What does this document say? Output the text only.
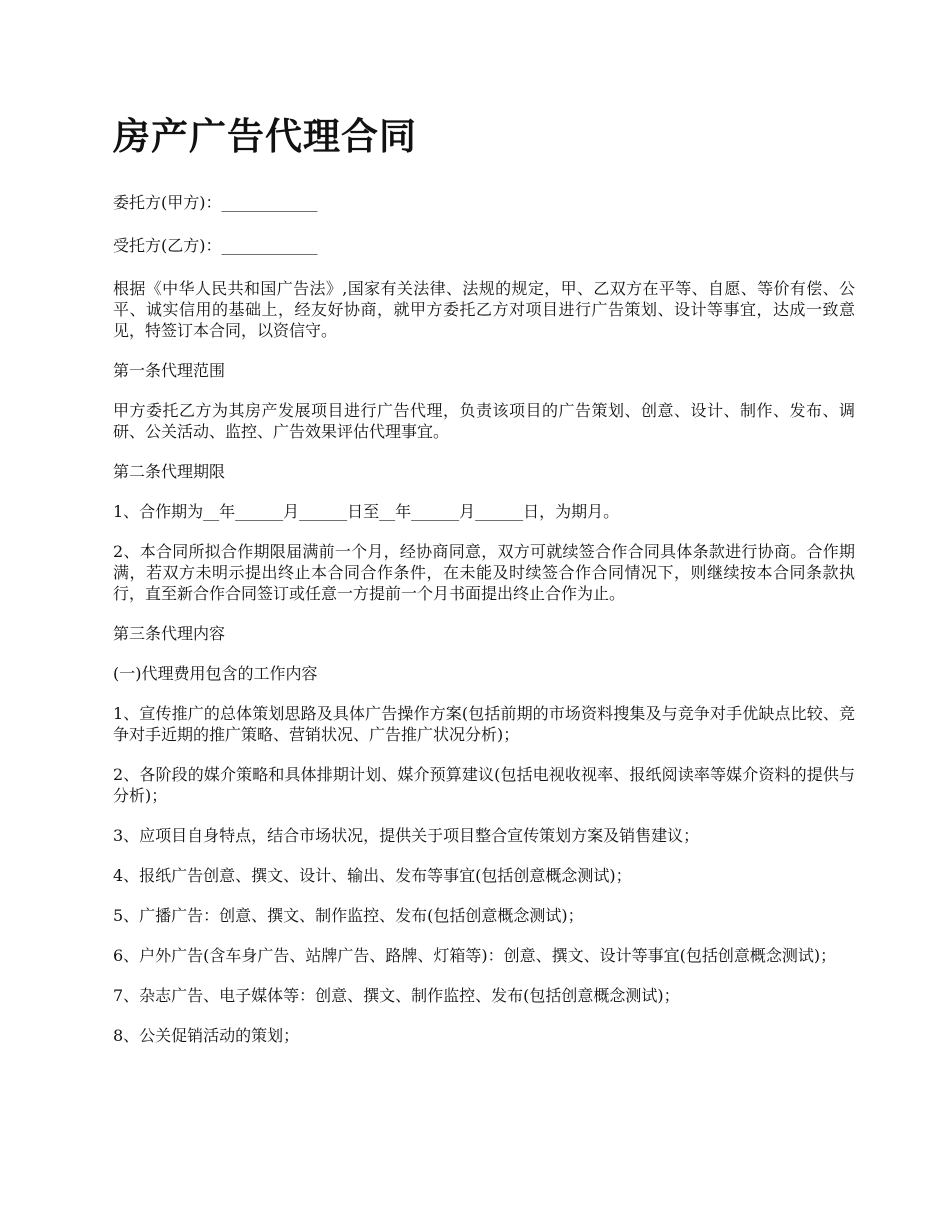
房产广告代理合同

委托方(甲方)：____________

受托方(乙方)：____________

根据《中华人民共和国广告法》,国家有关法律、法规的规定，甲、乙双方在平等、自愿、等价有偿、公平、诚实信用的基础上，经友好协商，就甲方委托乙方对项目进行广告策划、设计等事宜，达成一致意见，特签订本合同，以资信守。

第一条代理范围

甲方委托乙方为其房产发展项目进行广告代理，负责该项目的广告策划、创意、设计、制作、发布、调研、公关活动、监控、广告效果评估代理事宜。

第二条代理期限

1、合作期为__年______月______日至__年______月______日，为期月。

2、本合同所拟合作期限届满前一个月，经协商同意，双方可就续签合作合同具体条款进行协商。合作期满，若双方未明示提出终止本合同合作条件，在未能及时续签合作合同情况下，则继续按本合同条款执行，直至新合作合同签订或任意一方提前一个月书面提出终止合作为止。

第三条代理内容

(一)代理费用包含的工作内容

1、宣传推广的总体策划思路及具体广告操作方案(包括前期的市场资料搜集及与竞争对手优缺点比较、竞争对手近期的推广策略、营销状况、广告推广状况分析)；

2、各阶段的媒介策略和具体排期计划、媒介预算建议(包括电视收视率、报纸阅读率等媒介资料的提供与分析)；

3、应项目自身特点，结合市场状况，提供关于项目整合宣传策划方案及销售建议；

4、报纸广告创意、撰文、设计、输出、发布等事宜(包括创意概念测试)；

5、广播广告：创意、撰文、制作监控、发布(包括创意概念测试)；

6、户外广告(含车身广告、站牌广告、路牌、灯箱等)：创意、撰文、设计等事宜(包括创意概念测试)；

7、杂志广告、电子媒体等：创意、撰文、制作监控、发布(包括创意概念测试)；

8、公关促销活动的策划；
